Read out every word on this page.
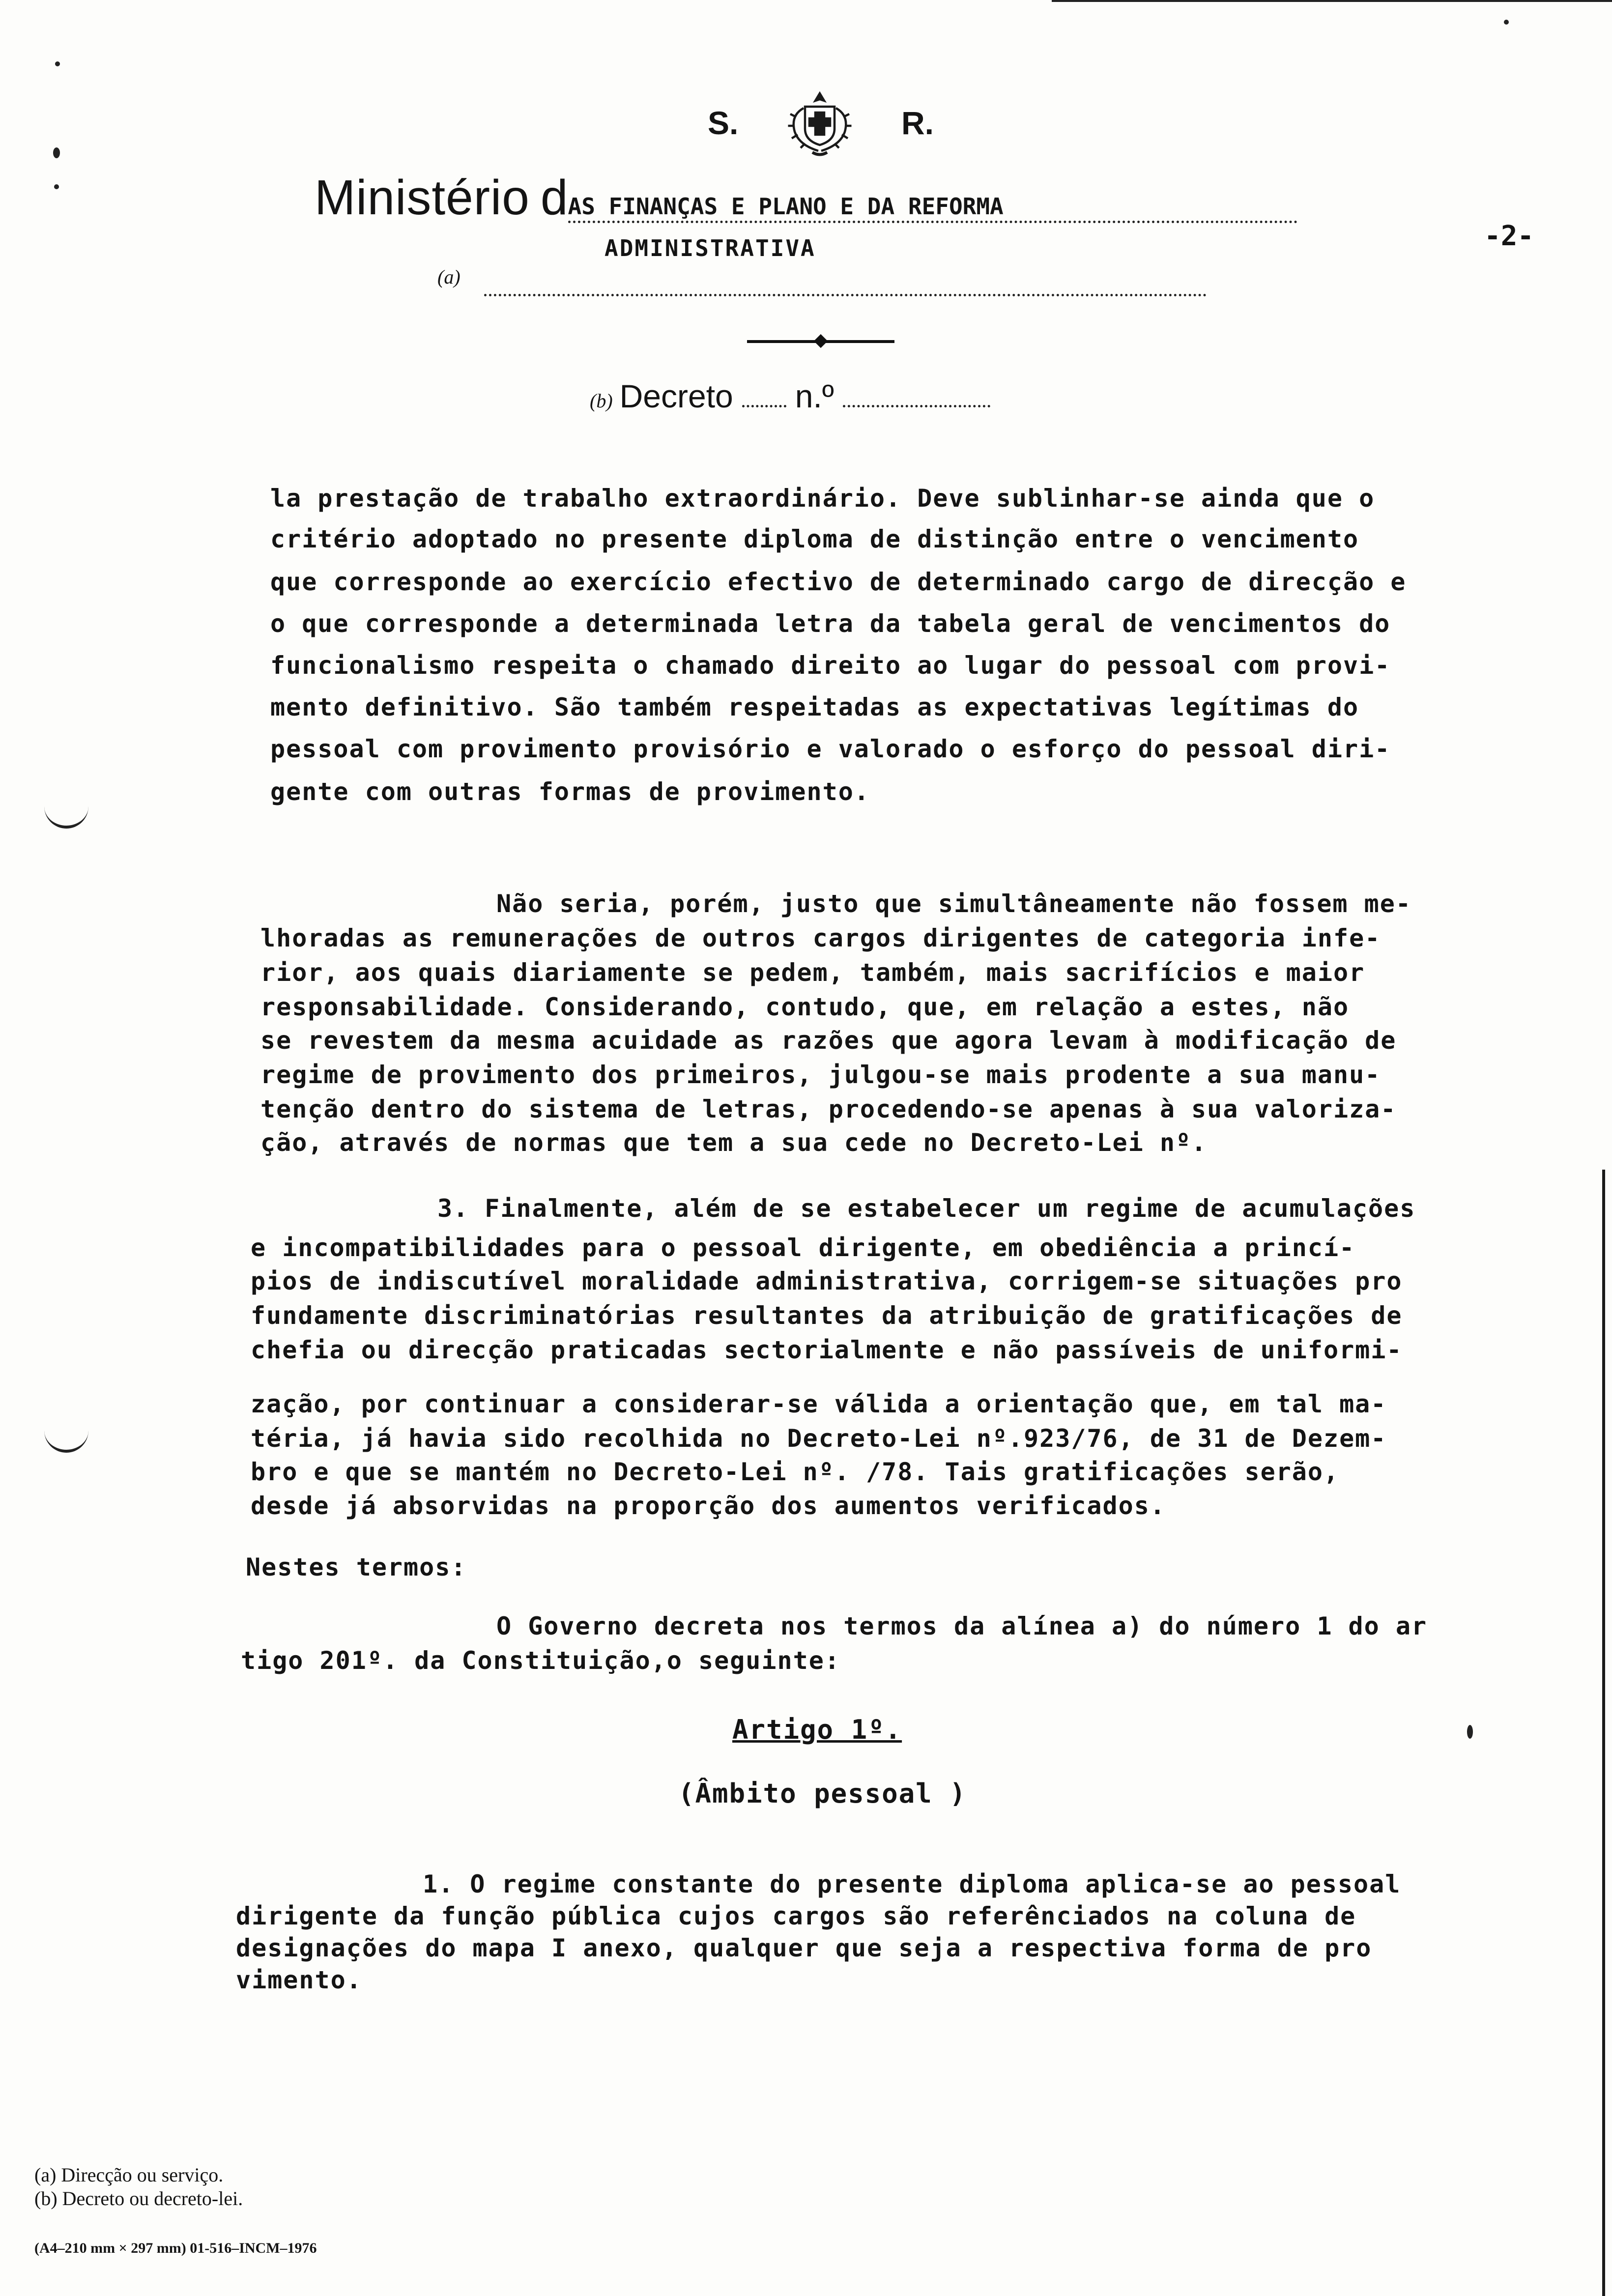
S.	R.
Ministério d AS FINANÇAS E PLANO E DA REFORMA
ADMINISTRATIVA	-2-
(a)
(b) Decreto n.º
la prestação de trabalho extraordinário. Deve sublinhar-se ainda que o
critério adoptado no presente diploma de distinção entre o vencimento
que corresponde ao exercício efectivo de determinado cargo de direcção e
o que corresponde a determinada letra da tabela geral de vencimentos do
funcionalismo respeita o chamado direito ao lugar do pessoal com provi-
mento definitivo. São também respeitadas as expectativas legítimas do
pessoal com provimento provisório e valorado o esforço do pessoal diri-
gente com outras formas de provimento.
Não seria, porém, justo que simultâneamente não fossem me-
lhoradas as remunerações de outros cargos dirigentes de categoria infe-
rior, aos quais diariamente se pedem, também, mais sacrifícios e maior
responsabilidade. Considerando, contudo, que, em relação a estes, não
se revestem da mesma acuidade as razões que agora levam à modificação de
regime de provimento dos primeiros, julgou-se mais prodente a sua manu-
tenção dentro do sistema de letras, procedendo-se apenas à sua valoriza-
ção, através de normas que tem a sua cede no Decreto-Lei nº.
3. Finalmente, além de se estabelecer um regime de acumulações
e incompatibilidades para o pessoal dirigente, em obediência a princí-
pios de indiscutível moralidade administrativa, corrigem-se situações pro
fundamente discriminatórias resultantes da atribuição de gratificações de
chefia ou direcção praticadas sectorialmente e não passíveis de uniformi-
zação, por continuar a considerar-se válida a orientação que, em tal ma-
téria, já havia sido recolhida no Decreto-Lei nº.923/76, de 31 de Dezem-
bro e que se mantém no Decreto-Lei nº. /78. Tais gratificações serão,
desde já absorvidas na proporção dos aumentos verificados.
Nestes termos:
O Governo decreta nos termos da alínea a) do número 1 do ar
tigo 201º. da Constituição,o seguinte:
Artigo 1º.
(Âmbito pessoal )
1. O regime constante do presente diploma aplica-se ao pessoal
dirigente da função pública cujos cargos são referênciados na coluna de
designações do mapa I anexo, qualquer que seja a respectiva forma de pro
vimento.
(a) Direcção ou serviço.
(b) Decreto ou decreto-lei.
(A4–210 mm × 297 mm) 01-516–INCM–1976
